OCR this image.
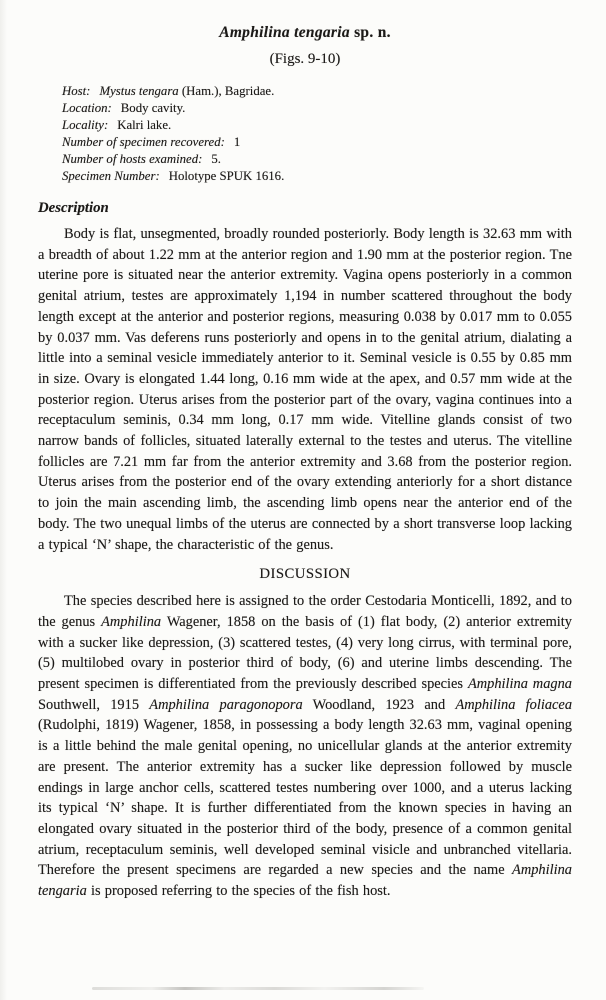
Amphilina tengaria sp. n.
(Figs. 9-10)
Host: Mystus tengara (Ham.), Bagridae.
Location: Body cavity.
Locality: Kalri lake.
Number of specimen recovered: 1
Number of hosts examined: 5.
Specimen Number: Holotype SPUK 1616.
Description

Body is flat, unsegmented, broadly rounded posteriorly. Body length is 32.63 mm with a breadth of about 1.22 mm at the anterior region and 1.90 mm at the posterior region. Tne uterine pore is situated near the anterior extremity. Vagina opens posteriorly in a common genital atrium, testes are approximately 1,194 in number scattered throughout the body length except at the anterior and posterior regions, measuring 0.038 by 0.017 mm to 0.055 by 0.037 mm. Vas deferens runs posteriorly and opens in to the genital atrium, dialating a little into a seminal vesicle immediately anterior to it. Seminal vesicle is 0.55 by 0.85 mm in size. Ovary is elongated 1.44 long, 0.16 mm wide at the apex, and 0.57 mm wide at the posterior region. Uterus arises from the posterior part of the ovary, vagina continues into a receptaculum seminis, 0.34 mm long, 0.17 mm wide. Vitelline glands consist of two narrow bands of follicles, situated laterally external to the testes and uterus. The vitelline follicles are 7.21 mm far from the anterior extremity and 3.68 from the posterior region. Uterus arises from the posterior end of the ovary extending anteriorly for a short distance to join the main ascending limb, the ascending limb opens near the anterior end of the body. The two unequal limbs of the uterus are connected by a short transverse loop lacking a typical ‘N’ shape, the characteristic of the genus.

DISCUSSION

The species described here is assigned to the order Cestodaria Monticelli, 1892, and to the genus Amphilina Wagener, 1858 on the basis of (1) flat body, (2) anterior extremity with a sucker like depression, (3) scattered testes, (4) very long cirrus, with terminal pore, (5) multilobed ovary in posterior third of body, (6) and uterine limbs descending. The present specimen is differentiated from the previously described species Amphilina magna Southwell, 1915 Amphilina paragonopora Woodland, 1923 and Amphilina foliacea (Rudolphi, 1819) Wagener, 1858, in possessing a body length 32.63 mm, vaginal opening is a little behind the male genital opening, no unicellular glands at the anterior extremity are present. The anterior extremity has a sucker like depression followed by muscle endings in large anchor cells, scattered testes numbering over 1000, and a uterus lacking its typical ‘N’ shape. It is further differentiated from the known species in having an elongated ovary situated in the posterior third of the body, presence of a common genital atrium, receptaculum seminis, well developed seminal visicle and unbranched vitellaria. Therefore the present specimens are regarded a new species and the name Amphilina tengaria is proposed referring to the species of the fish host.
